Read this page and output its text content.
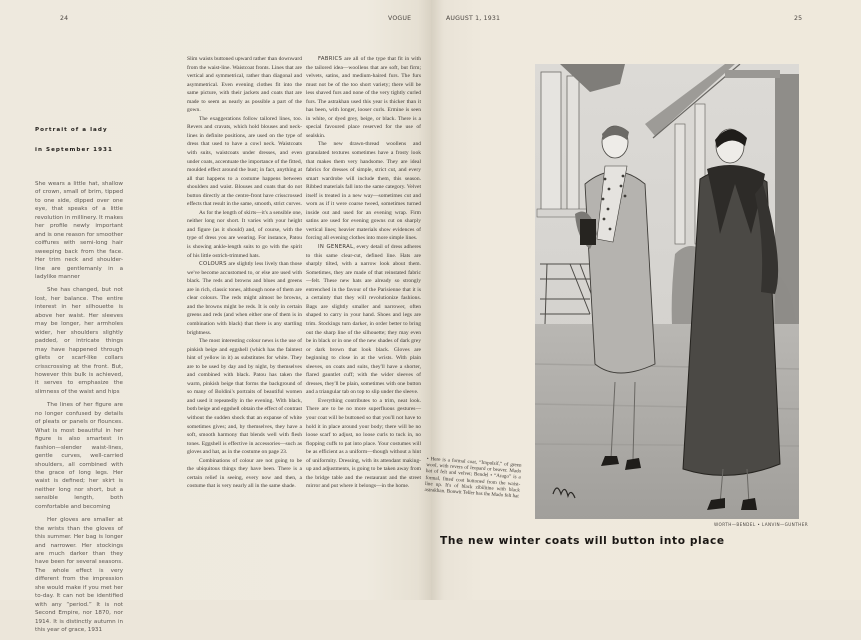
24	VOGUE
Portrait of a lady
in September 1931

She wears a little hat, shallow of crown, small of brim, tipped to one side, dipped over one eye, that speaks of a little revolution in millinery. It makes her profile newly important and is one reason for smoother coiffures with semi-long hair sweeping back from the face. Her trim neck and shoulder-line are gentlemanly in a ladylike manner

She has changed, but not lost, her balance. The entire interest in her silhouette is above her waist. Her sleeves may be longer, her armholes wider, her shoulders slightly padded, or intricate things may have happened through gilets or scarf-like collars crisscrossing at the front. But, however this bulk is achieved, it serves to emphasize the slimness of the waist and hips

The lines of her figure are no longer confused by details of pleats or panels or flounces. What is most beautiful in her figure is also smartest in fashion—slender waist-lines, gentle curves, well-carried shoulders, all combined with the grace of long legs. Her waist is defined; her skirt is neither long nor short, but a sensible length, both comfortable and becoming

Her gloves are smaller at the wrists than the gloves of this summer. Her bag is longer and narrower. Her stockings are much darker than they have been for several seasons. The whole effect is very different from the impression she would make if you met her to-day. It can not be identified with any “period.” It is not Second Empire, nor 1870, nor 1914. It is distinctly autumn in this year of grace, 1931

Slim waists buttoned upward rather than downward from the waist-line. Waistcoat fronts. Lines that are vertical and symmetrical, rather than diagonal and asymmetrical. Even evening clothes fit into the same picture, with their jackets and coats that are made to seem as nearly as possible a part of the gown.

The exaggerations follow tailored lines, too. Revers and cravats, which hold blouses and neck-lines in definite positions, are used on the type of dress that used to have a cowl neck. Waistcoats with suits, waistcoats under dresses, and even under coats, accentuate the importance of the fitted, moulded effect around the bust; in fact, anything at all that happens to a costume happens between shoulders and waist. Blouses and coats that do not button directly at the centre-front have crisscrossed effects that result in the same, smooth, strict curves.

As for the length of skirts—it's a sensible one, neither long nor short. It varies with your height and figure (as it should) and, of course, with the type of dress you are wearing. For instance, Patou is showing ankle-length suits to go with the spirit of his little ostrich-trimmed hats.

COLOURS are slightly less lively than those we've become accustomed to, or else are used with black. The reds and browns and blues and greens are in rich, classic tones, although none of them are clear colours. The reds might almost be browns, and the browns might be reds. It is only in certain greens and reds (and when either one of them is in combination with black) that there is any startling brightness.

The most interesting colour news is the use of pinkish beige and eggshell (which has the faintest hint of yellow in it) as substitutes for white. They are to be used by day and by night, by themselves and combined with black. Patou has taken the warm, pinkish beige that forms the background of so many of Boldini's portraits of beautiful women and used it repeatedly in the evening. With black, both beige and eggshell obtain the effect of contrast without the sudden shock that an expanse of white sometimes gives; and, by themselves, they have a soft, smooth harmony that blends well with flesh tones. Eggshell is effective in accessories—such as gloves and hat, as in the costume on page 23.

Combinations of colour are not going to be the ubiquitous things they have been. There is a certain relief in seeing, every now and then, a costume that is very nearly all in the same shade.

FABRICS are all of the type that fit in with the tailored idea—woollens that are soft, but firm; velvets, satins, and medium-haired furs. The furs must not be of the too short variety; there will be less shaved furs and none of the very tightly curled furs. The astrakhan used this year is thicker than it has been, with longer, looser curls. Ermine is seen in white, or dyed grey, beige, or black. There is a special favoured place reserved for the use of sealskin.

The new drawn-thread woollens and granulated textures sometimes have a frosty look that makes them very handsome. They are ideal fabrics for dresses of simple, strict cut, and every smart wardrobe will include them, this season. Ribbed materials fall into the same category. Velvet itself is treated in a new way—sometimes cut and worn as if it were coarse tweed, sometimes turned inside out and used for an evening wrap. Firm satins are used for evening gowns cut on sharply vertical lines; heavier materials show evidences of forcing all evening clothes into more simple lines.

IN GENERAL, every detail of dress adheres to this same clear-cut, defined line. Hats are sharply tilted, with a narrow look about them. Sometimes, they are made of that reinstated fabric—felt. These new hats are already so strongly entrenched in the favour of the Parisienne that it is a certainty that they will revolutionize fashions. Bags are slightly smaller and narrower, often shaped to carry in your hand. Shoes and legs are trim. Stockings turn darker, in order better to bring out the sharp line of the silhouette; they may even be in black or in one of the new shades of dark grey or dark brown that look black. Gloves are beginning to close in at the wrists. With plain sleeves, on coats and suits, they'll have a shorter, flared gauntlet cuff; with the wider sleeves of dresses, they'll be plain, sometimes with one button and a triangular tab on top to slip under the sleeve.

Everything contributes to a trim, neat look. There are to be no more superfluous gestures—your coat will be buttoned so that you'll not have to hold it in place around your body; there will be no loose scarf to adjust, no loose curls to tuck in, no flopping cuffs to pat into place. Your costumes will be as efficient as a uniform—though without a hint of uniformity. Dressing, with its attendant making-up and adjustments, is going to be taken away from the bridge table and the restaurant and the street mirror and put where it belongs—in the home.

AUGUST 1, 1931	25
• Here is a formal coat, “Impulsif,” of green wool, with revers of leopard or beaver. Mado hat of felt and velvet; Bendel • “Arago” is a formal, fitted coat buttoned from the waist-line up. It's of black zibilitine with black astrakhan. Bonwit Teller has the Mado felt hat
WORTH—BENDEL • LANVIN—GUNTHER
The new winter coats will button into place
